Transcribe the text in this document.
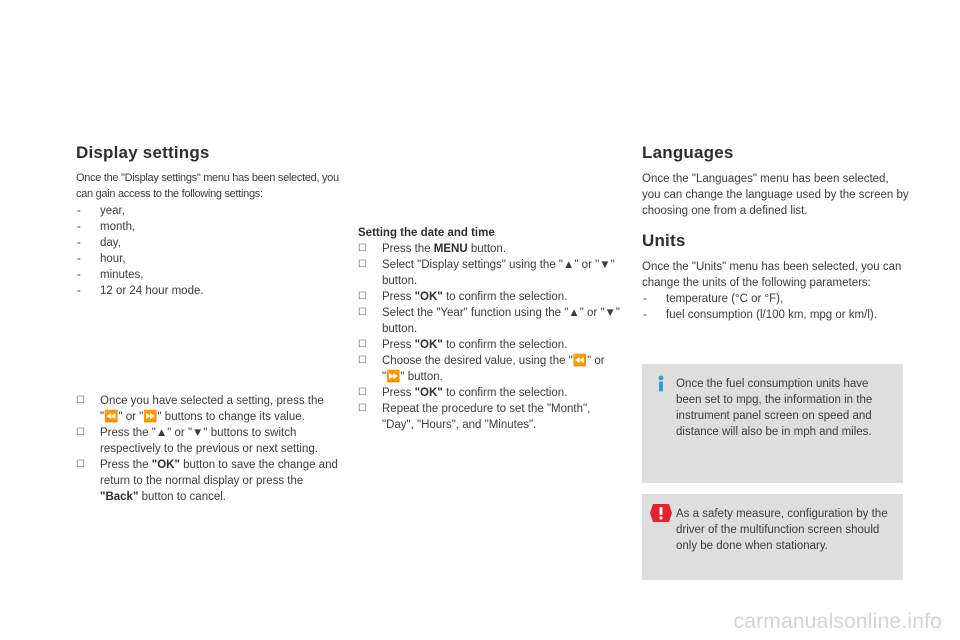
Display settings

Once the "Display settings" menu has been selected, you can gain access to the following settings:

- year,
- month,
- day,
- hour,
- minutes,
- 12 or 24 hour mode.
☐ Once you have selected a setting, press the "⏪" or "⏩" buttons to change its value.
☐ Press the "▲" or "▼" buttons to switch respectively to the previous or next setting.
☐ Press the "OK" button to save the change and return to the normal display or press the "Back" button to cancel.

Setting the date and time

☐ Press the MENU button.
☐ Select "Display settings" using the "▲" or "▼" button.
☐ Press "OK" to confirm the selection.
☐ Select the "Year" function using the "▲" or "▼" button.
☐ Press "OK" to confirm the selection.
☐ Choose the desired value, using the "⏪" or "⏩" button.
☐ Press "OK" to confirm the selection.
☐ Repeat the procedure to set the "Month", "Day", "Hours", and "Minutes".
Languages

Once the "Languages" menu has been selected, you can change the language used by the screen by choosing one from a defined list.

Units

Once the "Units" menu has been selected, you can change the units of the following parameters:

- temperature (°C or °F),
- fuel consumption (l/100 km, mpg or km/l).
Once the fuel consumption units have been set to mpg, the information in the instrument panel screen on speed and distance will also be in mph and miles.
As a safety measure, configuration by the driver of the multifunction screen should only be done when stationary.
carmanualsonline.info
